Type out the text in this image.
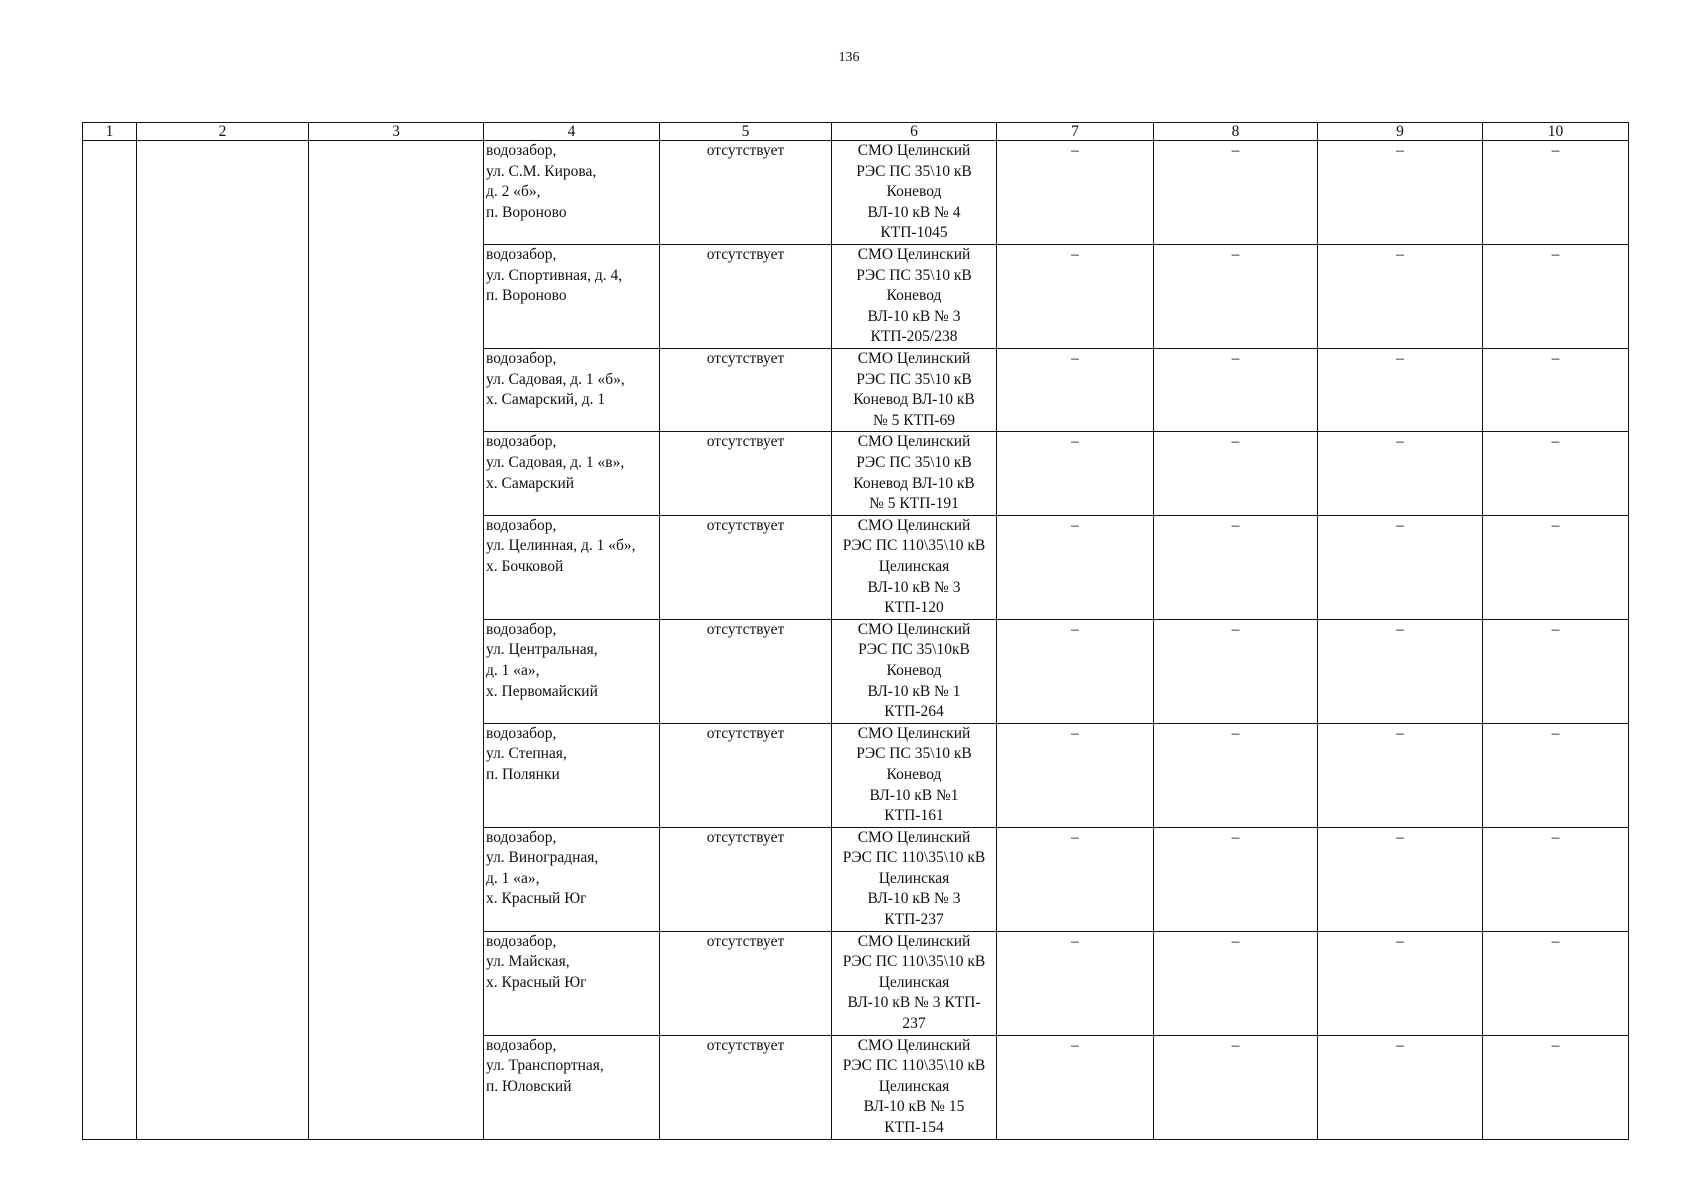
136
1	2	3	4	5	6	7	8	9	10
			водозабор,
ул. С.М. Кирова,
д. 2 «б»,
п. Вороново	отсутствует	СМО Целинский
РЭС ПС 35\10 кВ
Коневод
ВЛ-10 кВ № 4
КТП-1045	–	–	–	–
			водозабор,
ул. Спортивная, д. 4,
п. Вороново	отсутствует	СМО Целинский
РЭС ПС 35\10 кВ
Коневод
ВЛ-10 кВ № 3
КТП-205/238	–	–	–	–
			водозабор,
ул. Садовая, д. 1 «б»,
х. Самарский, д. 1	отсутствует	СМО Целинский
РЭС ПС 35\10 кВ
Коневод ВЛ-10 кВ
№ 5 КТП-69	–	–	–	–
			водозабор,
ул. Садовая, д. 1 «в»,
х. Самарский	отсутствует	СМО Целинский
РЭС ПС 35\10 кВ
Коневод ВЛ-10 кВ
№ 5 КТП-191	–	–	–	–
			водозабор,
ул. Целинная, д. 1 «б»,
х. Бочковой	отсутствует	СМО Целинский
РЭС ПС 110\35\10 кВ
Целинская
ВЛ-10 кВ № 3
КТП-120	–	–	–	–
			водозабор,
ул. Центральная,
д. 1 «а»,
х. Первомайский	отсутствует	СМО Целинский
РЭС ПС 35\10кВ
Коневод
ВЛ-10 кВ № 1
КТП-264	–	–	–	–
			водозабор,
ул. Степная,
п. Полянки	отсутствует	СМО Целинский
РЭС ПС 35\10 кВ
Коневод
ВЛ-10 кВ №1
КТП-161	–	–	–	–
			водозабор,
ул. Виноградная,
д. 1 «а»,
х. Красный Юг	отсутствует	СМО Целинский
РЭС ПС 110\35\10 кВ
Целинская
ВЛ-10 кВ № 3
КТП-237	–	–	–	–
			водозабор,
ул. Майская,
х. Красный Юг	отсутствует	СМО Целинский
РЭС ПС 110\35\10 кВ
Целинская
ВЛ-10 кВ № 3 КТП-
237	–	–	–	–
			водозабор,
ул. Транспортная,
п. Юловский	отсутствует	СМО Целинский
РЭС ПС 110\35\10 кВ
Целинская
ВЛ-10 кВ № 15
КТП-154	–	–	–	–
